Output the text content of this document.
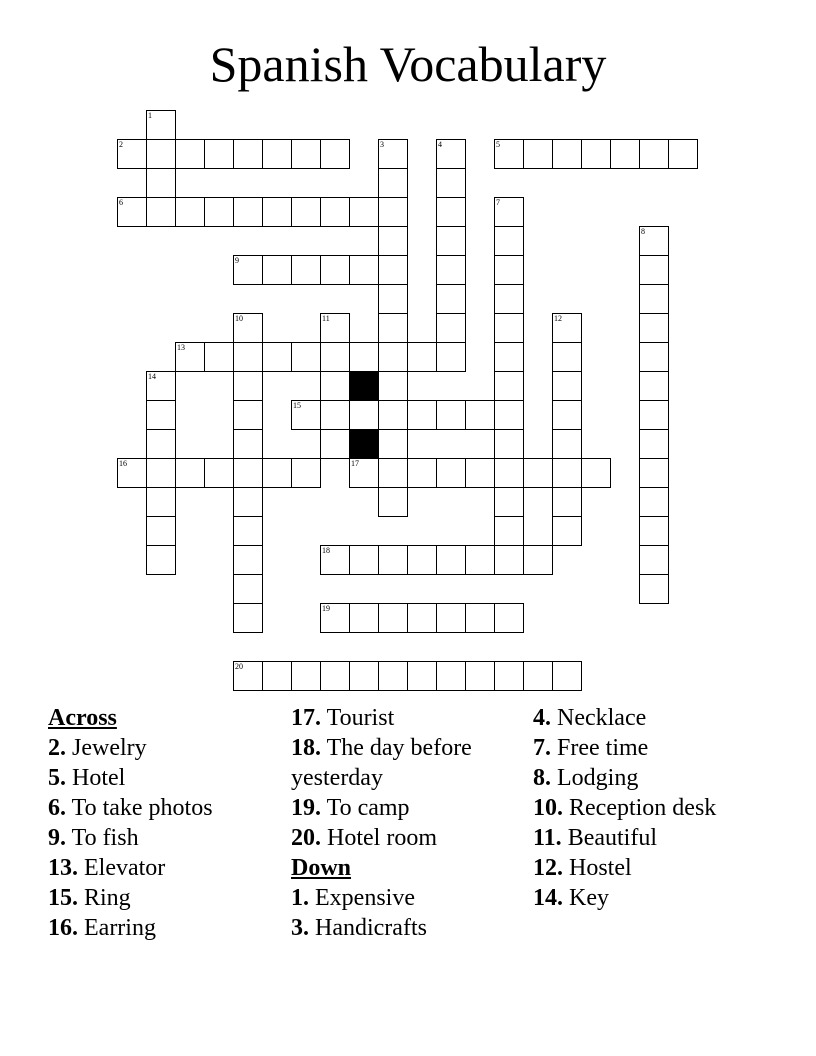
Spanish Vocabulary
1
2	3	4	5
6	7
8
9
10	11	12
13
14
15
16	17
18
19
20
Across
2. Jewelry
5. Hotel
6. To take photos
9. To fish
13. Elevator
15. Ring
16. Earring
17. Tourist
18. The day before yesterday
19. To camp
20. Hotel room
Down
1. Expensive
3. Handicrafts
4. Necklace
7. Free time
8. Lodging
10. Reception desk
11. Beautiful
12. Hostel
14. Key
